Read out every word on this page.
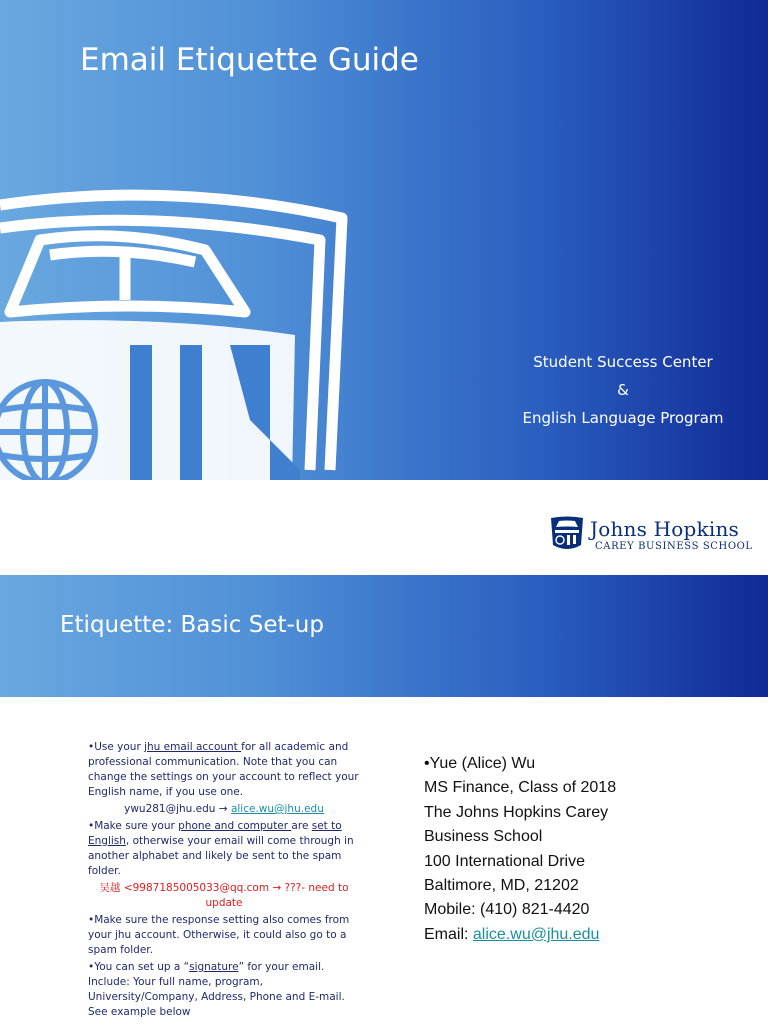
Email Etiquette Guide
Student Success Center
&
English Language Program
Johns Hopkins
CAREY BUSINESS SCHOOL
Etiquette: Basic Set-up

•Use your jhu email account for all academic and professional communication. Note that you can change the settings on your account to reflect your English name, if you use one.

ywu281@jhu.edu → alice.wu@jhu.edu

•Make sure your phone and computer are set to English, otherwise your email will come through in another alphabet and likely be sent to the spam folder.

吴越 <9987185005033@qq.com → ???- need to update

•Make sure the response setting also comes from your jhu account. Otherwise, it could also go to a spam folder.

•You can set up a “signature” for your email. Include: Your full name, program, University/Company, Address, Phone and E-mail. See example below

•Yue (Alice) Wu
MS Finance, Class of 2018
The Johns Hopkins Carey
Business School
100 International Drive
Baltimore, MD, 21202
Mobile: (410) 821-4420
Email: alice.wu@jhu.edu
